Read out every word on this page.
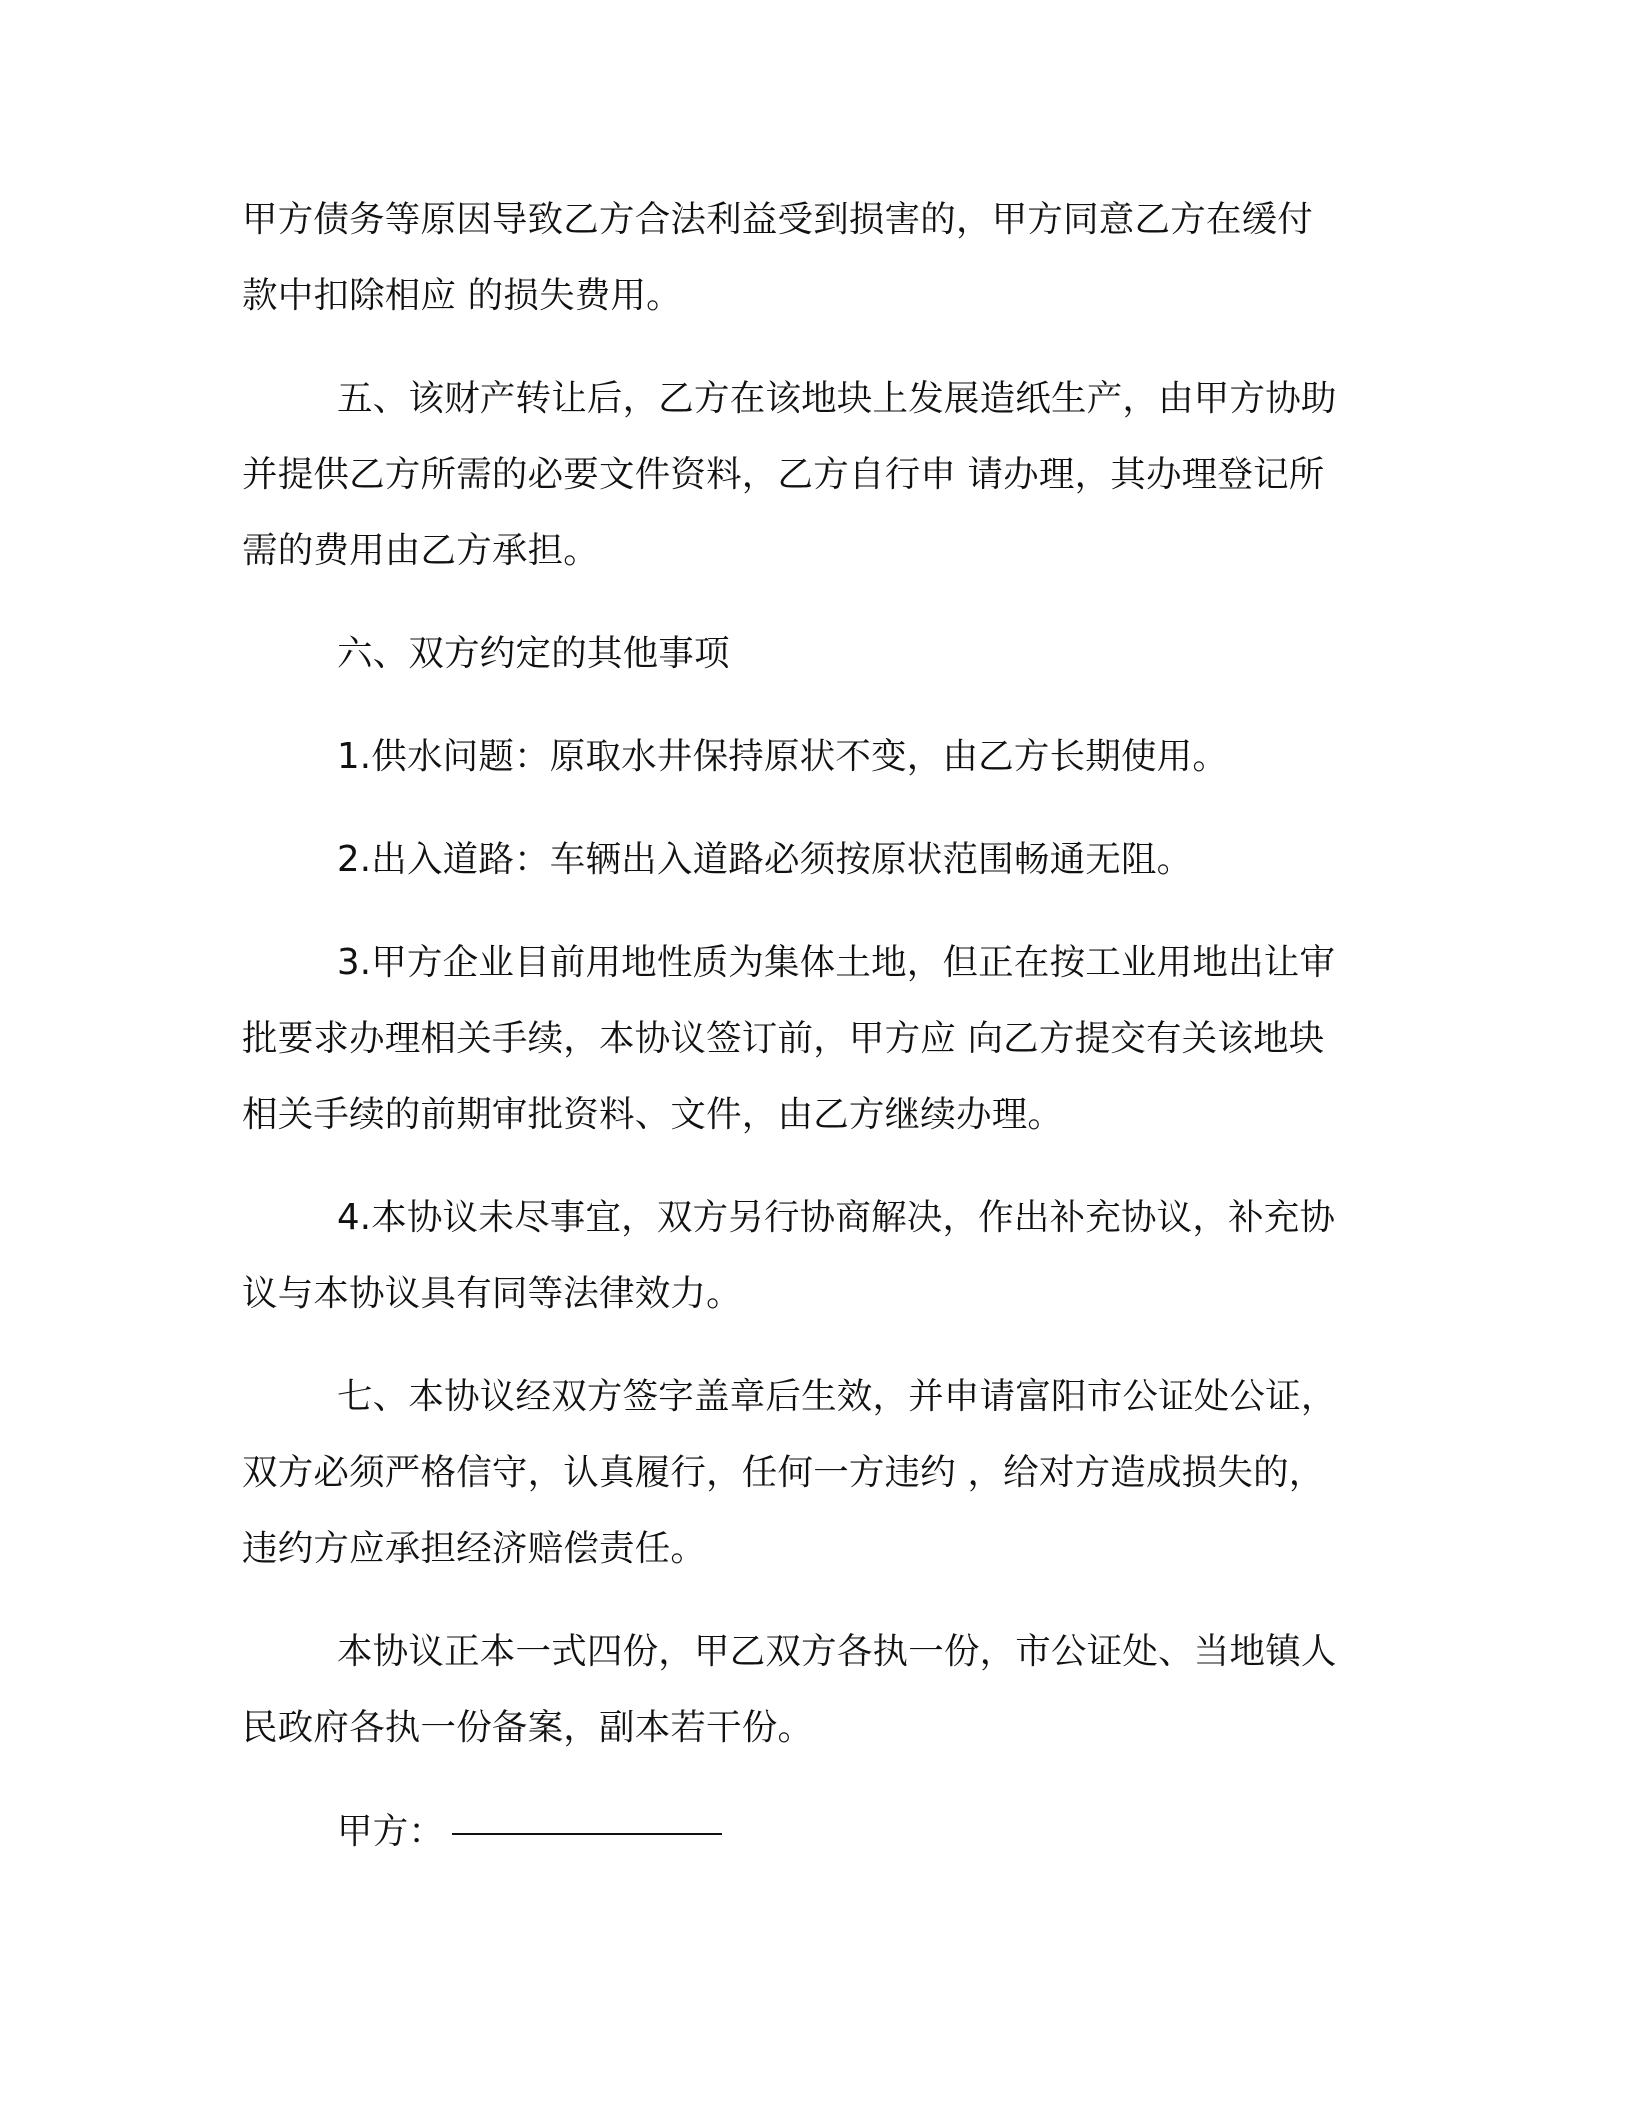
甲方债务等原因导致乙方合法利益受到损害的，甲方同意乙方在缓付
款中扣除相应 的损失费用。

五、该财产转让后，乙方在该地块上发展造纸生产，由甲方协助
并提供乙方所需的必要文件资料，乙方自行申 请办理，其办理登记所
需的费用由乙方承担。

六、双方约定的其他事项

1.供水问题：原取水井保持原状不变，由乙方长期使用。

2.出入道路：车辆出入道路必须按原状范围畅通无阻。

3.甲方企业目前用地性质为集体土地，但正在按工业用地出让审
批要求办理相关手续，本协议签订前，甲方应 向乙方提交有关该地块
相关手续的前期审批资料、文件，由乙方继续办理。

4.本协议未尽事宜，双方另行协商解决，作出补充协议，补充协
议与本协议具有同等法律效力。

七、本协议经双方签字盖章后生效，并申请富阳市公证处公证，
双方必须严格信守，认真履行，任何一方违约 ，给对方造成损失的，
违约方应承担经济赔偿责任。

本协议正本一式四份，甲乙双方各执一份，市公证处、当地镇人
民政府各执一份备案，副本若干份。

甲方：
